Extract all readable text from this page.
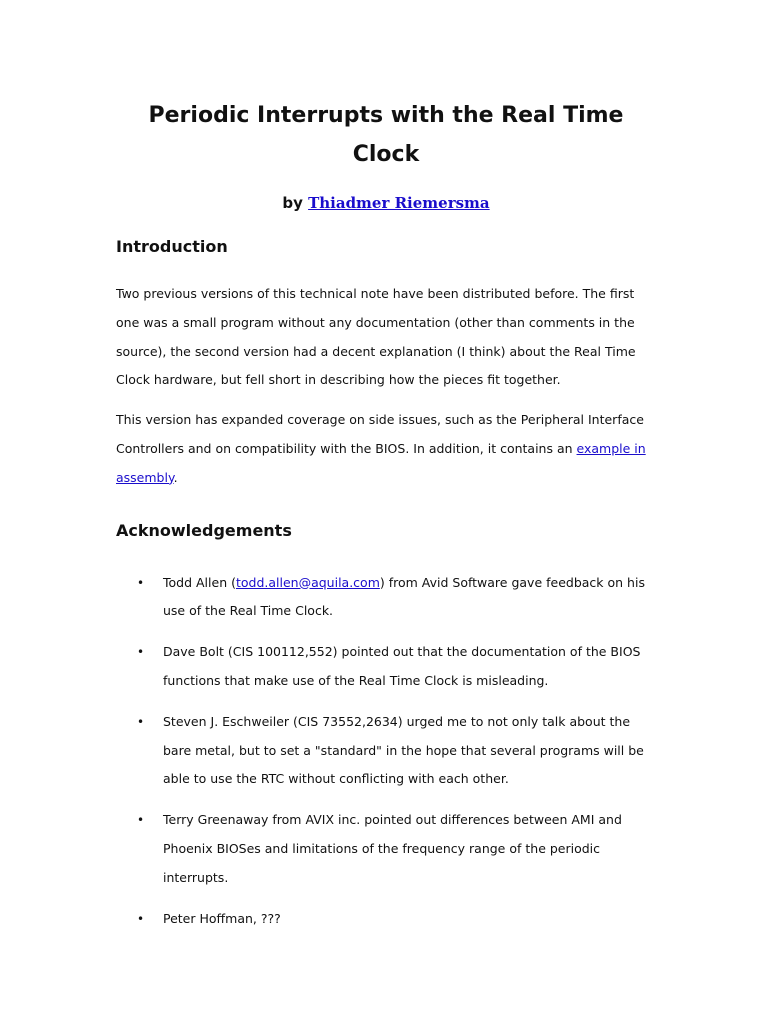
Periodic Interrupts with the Real Time Clock
by Thiadmer Riemersma
Introduction

Two previous versions of this technical note have been distributed before. The first one was a small program without any documentation (other than comments in the source), the second version had a decent explanation (I think) about the Real Time Clock hardware, but fell short in describing how the pieces fit together.

This version has expanded coverage on side issues, such as the Peripheral Interface Controllers and on compatibility with the BIOS. In addition, it contains an example in assembly.

Acknowledgements
• Todd Allen (todd.allen@aquila.com) from Avid Software gave feedback on his use of the Real Time Clock.
• Dave Bolt (CIS 100112,552) pointed out that the documentation of the BIOS functions that make use of the Real Time Clock is misleading.
• Steven J. Eschweiler (CIS 73552,2634) urged me to not only talk about the bare metal, but to set a "standard" in the hope that several programs will be able to use the RTC without conflicting with each other.
• Terry Greenaway from AVIX inc. pointed out differences between AMI and Phoenix BIOSes and limitations of the frequency range of the periodic interrupts.
• Peter Hoffman, ???
